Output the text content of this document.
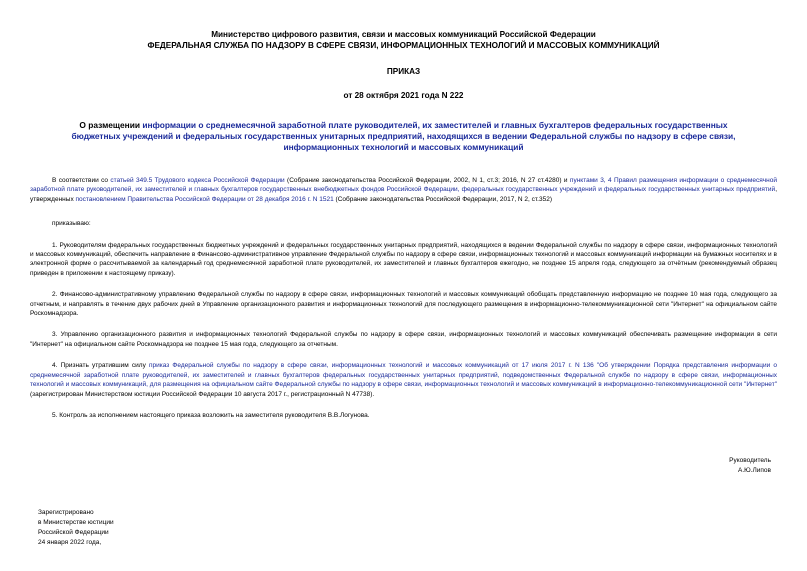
Министерство цифрового развития, связи и массовых коммуникаций Российской Федерации
ФЕДЕРАЛЬНАЯ СЛУЖБА ПО НАДЗОРУ В СФЕРЕ СВЯЗИ, ИНФОРМАЦИОННЫХ ТЕХНОЛОГИЙ И МАССОВЫХ КОММУНИКАЦИЙ
ПРИКАЗ
от 28 октября 2021 года N 222
О размещении информации о среднемесячной заработной плате руководителей, их заместителей и главных бухгалтеров федеральных государственных бюджетных учреждений и федеральных государственных унитарных предприятий, находящихся в ведении Федеральной службы по надзору в сфере связи, информационных технологий и массовых коммуникаций

В соответствии со статьей 349.5 Трудового кодекса Российской Федерации (Собрание законодательства Российской Федерации, 2002, N 1, ст.3; 2016, N 27 ст.4280) и пунктами 3, 4 Правил размещения информации о среднемесячной заработной плате руководителей, их заместителей и главных бухгалтеров государственных внебюджетных фондов Российской Федерации, федеральных государственных учреждений и федеральных государственных унитарных предприятий, утвержденных постановлением Правительства Российской Федерации от 28 декабря 2016 г. N 1521 (Собрание законодательства Российской Федерации, 2017, N 2, ст.352)

приказываю:

1. Руководителям федеральных государственных бюджетных учреждений и федеральных государственных унитарных предприятий, находящихся в ведении Федеральной службы по надзору в сфере связи, информационных технологий и массовых коммуникаций, обеспечить направление в Финансово-административное управление Федеральной службы по надзору в сфере связи, информационных технологий и массовых коммуникаций информации на бумажных носителях и в электронной форме о рассчитываемой за календарный год среднемесячной заработной плате руководителей, их заместителей и главных бухгалтеров ежегодно, не позднее 15 апреля года, следующего за отчётным (рекомендуемый образец приведен в приложении к настоящему приказу).

2. Финансово-административному управлению Федеральной службы по надзору в сфере связи, информационных технологий и массовых коммуникаций обобщать представленную информацию не позднее 10 мая года, следующего за отчетным, и направлять в течение двух рабочих дней в Управление организационного развития и информационных технологий для последующего размещения в информационно-телекоммуникационной сети "Интернет" на официальном сайте Роскомнадзора.

3. Управлению организационного развития и информационных технологий Федеральной службы по надзору в сфере связи, информационных технологий и массовых коммуникаций обеспечивать размещение информации в сети "Интернет" на официальном сайте Роскомнадзора не позднее 15 мая года, следующего за отчетным.

4. Признать утратившим силу приказ Федеральной службы по надзору в сфере связи, информационных технологий и массовых коммуникаций от 17 июля 2017 г. N 136 "Об утверждении Порядка представления информации о среднемесячной заработной плате руководителей, их заместителей и главных бухгалтеров федеральных государственных унитарных предприятий, подведомственных Федеральной службе по надзору в сфере связи, информационных технологий и массовых коммуникаций, для размещения на официальном сайте Федеральной службы по надзору в сфере связи, информационных технологий и массовых коммуникаций в информационно-телекоммуникационной сети "Интернет" (зарегистрирован Министерством юстиции Российской Федерации 10 августа 2017 г., регистрационный N 47738).

5. Контроль за исполнением настоящего приказа возложить на заместителя руководителя В.В.Логунова.

Руководитель
А.Ю.Липов
Зарегистрировано
в Министерстве юстиции
Российской Федерации
24 января 2022 года,
